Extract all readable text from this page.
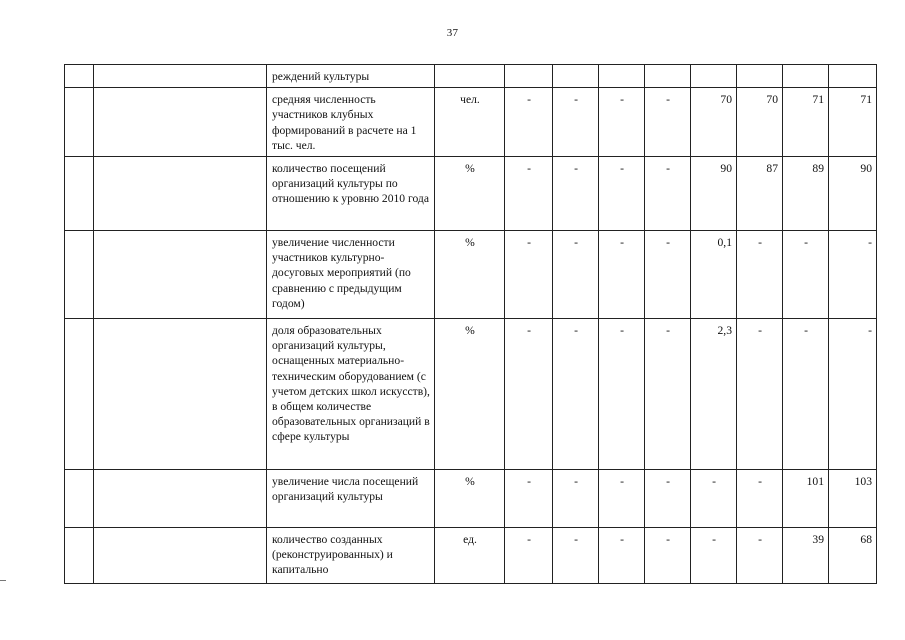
37
		реждений культуры									
		средняя численность участников клубных формирований в расчете на 1 тыс. чел.	чел.	-	-	-	-	70	70	71	71
		количество посещений организаций культуры по отношению к уровню 2010 года	%	-	-	-	-	90	87	89	90
		увеличение численности участников культурно-досуговых мероприятий (по сравнению с предыдущим годом)	%	-	-	-	-	0,1	-	-	-
		доля образовательных организаций культуры, оснащенных материально-техническим оборудованием (с учетом детских школ искусств), в общем количестве образовательных организаций в сфере культуры	%	-	-	-	-	2,3	-	-	-
		увеличение числа посещений организаций культуры	%	-	-	-	-	-	-	101	103
		количество созданных (реконструированных) и капитально	ед.	-	-	-	-	-	-	39	68
